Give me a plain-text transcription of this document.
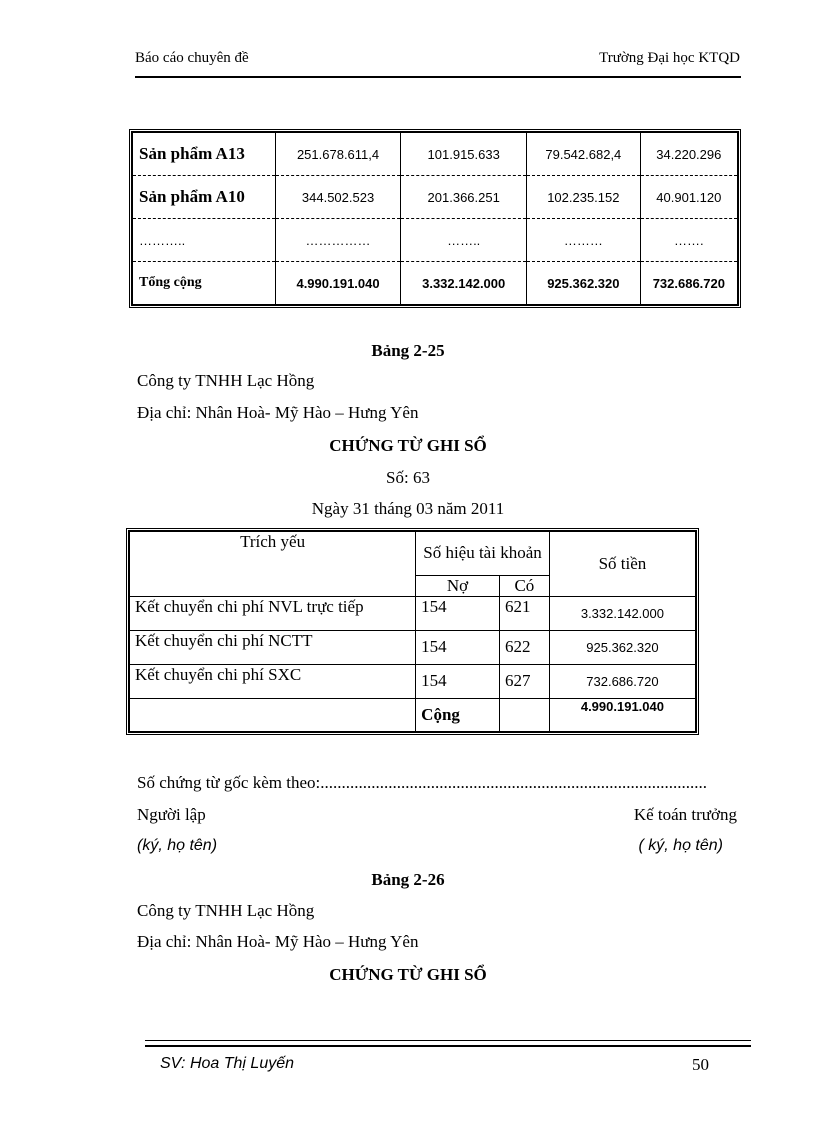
Báo cáo chuyên đề	Trường Đại học KTQD
Sản phẩm A13	251.678.611,4	101.915.633	79.542.682,4	34.220.296
Sản phẩm A10	344.502.523	201.366.251	102.235.152	40.901.120
………..	……………	……..	………	…….
Tổng cộng	4.990.191.040	3.332.142.000	925.362.320	732.686.720
Bảng 2-25
Công ty TNHH Lạc Hồng
Địa chỉ: Nhân Hoà- Mỹ Hào – Hưng Yên
CHỨNG TỪ GHI SỔ
Số: 63
Ngày 31 tháng 03 năm 2011
Trích yếu	Số hiệu tài khoản		Số tiền
	Nợ	Có	
Kết chuyển chi phí NVL trực tiếp	154	621	3.332.142.000
Kết chuyển chi phí NCTT	154	622	925.362.320
Kết chuyển chi phí SXC	154	627	732.686.720
	Cộng		4.990.191.040
Số chứng từ gốc kèm theo:...........................................................................................
Người lập	Kế toán trưởng
(ký, họ tên)	( ký, họ tên)
Bảng 2-26
Công ty TNHH Lạc Hồng
Địa chỉ: Nhân Hoà- Mỹ Hào – Hưng Yên
CHỨNG TỪ GHI SỔ
SV: Hoa Thị Luyến	50
